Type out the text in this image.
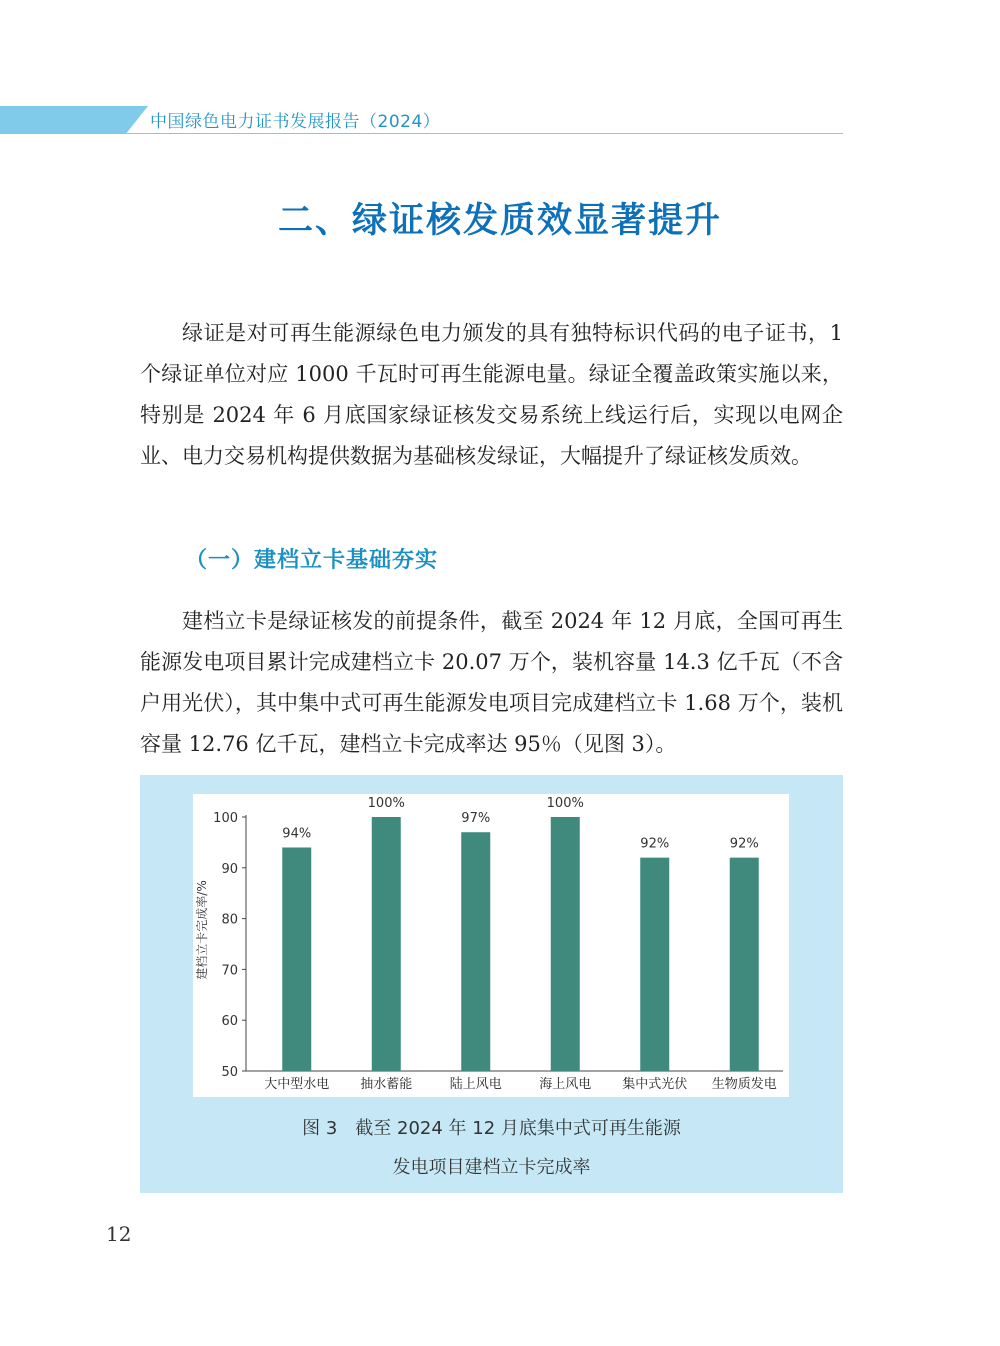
中国绿色电力证书发展报告（2024）
二、绿证核发质效显著提升

绿证是对可再生能源绿色电力颁发的具有独特标识代码的电子证书，1 个绿证单位对应 1000 千瓦时可再生能源电量。绿证全覆盖政策实施以来，特别是 2024 年 6 月底国家绿证核发交易系统上线运行后，实现以电网企业、电力交易机构提供数据为基础核发绿证，大幅提升了绿证核发质效。

（一）建档立卡基础夯实

建档立卡是绿证核发的前提条件，截至 2024 年 12 月底，全国可再生能源发电项目累计完成建档立卡 20.07 万个，装机容量 14.3 亿千瓦（不含户用光伏），其中集中式可再生能源发电项目完成建档立卡 1.68 万个，装机容量 12.76 亿千瓦，建档立卡完成率达 95％（见图 3）。

50
60
70
80
90
100
建档立卡完成率/%
94%
大中型水电
100%
抽水蓄能
97%
陆上风电
100%
海上风电
92%
集中式光伏
92%
生物质发电
图 3　截至 2024 年 12 月底集中式可再生能源
发电项目建档立卡完成率
12
